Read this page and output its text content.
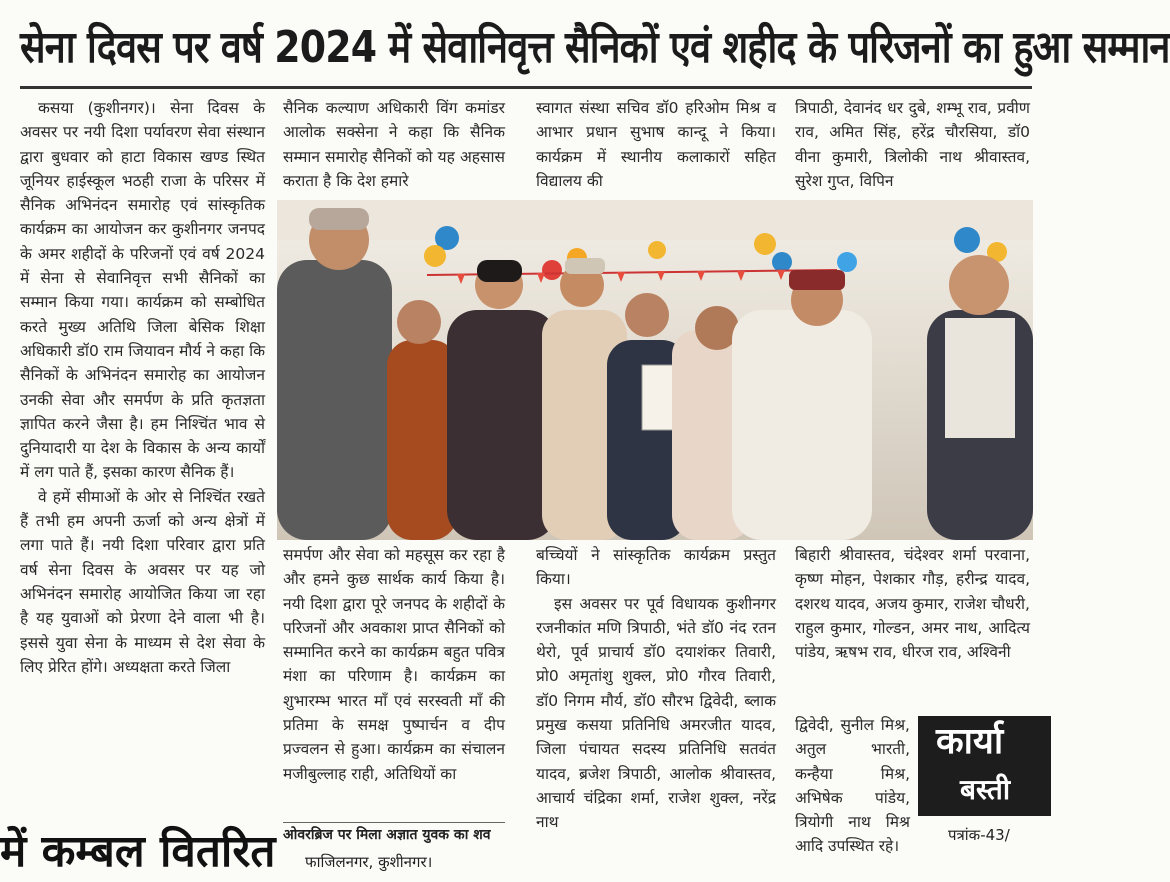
सेना दिवस पर वर्ष 2024 में सेवानिवृत्त सैनिकों एवं शहीद के परिजनों का हुआ सम्मान

कसया (कुशीनगर)। सेना दिवस के अवसर पर नयी दिशा पर्यावरण सेवा संस्थान द्वारा बुधवार को हाटा विकास खण्ड स्थित जूनियर हाईस्कूल भठही राजा के परिसर में सैनिक अभिनंदन समारोह एवं सांस्कृतिक कार्यक्रम का आयोजन कर कुशीनगर जनपद के अमर शहीदों के परिजनों एवं वर्ष 2024 में सेना से सेवानिवृत्त सभी सैनिकों का सम्मान किया गया। कार्यक्रम को सम्बोधित करते मुख्य अतिथि जिला बेसिक शिक्षा अधिकारी डॉ0 राम जियावन मौर्य ने कहा कि सैनिकों के अभिनंदन समारोह का आयोजन उनकी सेवा और समर्पण के प्रति कृतज्ञता ज्ञापित करने जैसा है। हम निश्चिंत भाव से दुनियादारी या देश के विकास के अन्य कार्यों में लग पाते हैं, इसका कारण सैनिक हैं।

वे हमें सीमाओं के ओर से निश्चिंत रखते हैं तभी हम अपनी ऊर्जा को अन्य क्षेत्रों में लगा पाते हैं। नयी दिशा परिवार द्वारा प्रति वर्ष सेना दिवस के अवसर पर यह जो अभिनंदन समारोह आयोजित किया जा रहा है यह युवाओं को प्रेरणा देने वाला भी है। इससे युवा सेना के माध्यम से देश सेवा के लिए प्रेरित होंगे। अध्यक्षता करते जिला

सैनिक कल्याण अधिकारी विंग कमांडर आलोक सक्सेना ने कहा कि सैनिक सम्मान समारोह सैनिकों को यह अहसास कराता है कि देश हमारे

स्वागत संस्था सचिव डॉ0 हरिओम मिश्र व आभार प्रधान सुभाष कान्दू ने किया। कार्यक्रम में स्थानीय कलाकारों सहित विद्यालय की

त्रिपाठी, देवानंद धर दुबे, शम्भू राव, प्रवीण राव, अमित सिंह, हरेंद्र चौरसिया, डॉ0 वीना कुमारी, त्रिलोकी नाथ श्रीवास्तव, सुरेश गुप्त, विपिन

समर्पण और सेवा को महसूस कर रहा है और हमने कुछ सार्थक कार्य किया है। नयी दिशा द्वारा पूरे जनपद के शहीदों के परिजनों और अवकाश प्राप्त सैनिकों को सम्मानित करने का कार्यक्रम बहुत पवित्र मंशा का परिणाम है। कार्यक्रम का शुभारम्भ भारत माँ एवं सरस्वती माँ की प्रतिमा के समक्ष पुष्पार्चन व दीप प्रज्वलन से हुआ। कार्यक्रम का संचालन मजीबुल्लाह राही, अतिथियों का

बच्चियों ने सांस्कृतिक कार्यक्रम प्रस्तुत किया।

इस अवसर पर पूर्व विधायक कुशीनगर रजनीकांत मणि त्रिपाठी, भंते डॉ0 नंद रतन थेरो, पूर्व प्राचार्य डॉ0 दयाशंकर तिवारी, प्रो0 अमृतांशु शुक्ल, प्रो0 गौरव तिवारी, डॉ0 निगम मौर्य, डॉ0 सौरभ द्विवेदी, ब्लाक प्रमुख कसया प्रतिनिधि अमरजीत यादव, जिला पंचायत सदस्य प्रतिनिधि सतवंत यादव, ब्रजेश त्रिपाठी, आलोक श्रीवास्तव, आचार्य चंद्रिका शर्मा, राजेश शुक्ल, नरेंद्र नाथ

बिहारी श्रीवास्तव, चंदेश्वर शर्मा परवाना, कृष्ण मोहन, पेशकार गौड़, हरीन्द्र यादव, दशरथ यादव, अजय कुमार, राजेश चौधरी, राहुल कुमार, गोल्डन, अमर नाथ, आदित्य पांडेय, ऋषभ राव, धीरज राव, अश्विनी

द्विवेदी, सुनील मिश्र, अतुल भारती, कन्हैया मिश्र, अभिषेक पांडेय, त्रियोगी नाथ मिश्र आदि उपस्थित रहे।

ओवरब्रिज पर मिला अज्ञात युवक का शव
फाजिलनगर, कुशीनगर।
में कम्बल वितरित
कार्या
बस्ती
पत्रांक-43/
